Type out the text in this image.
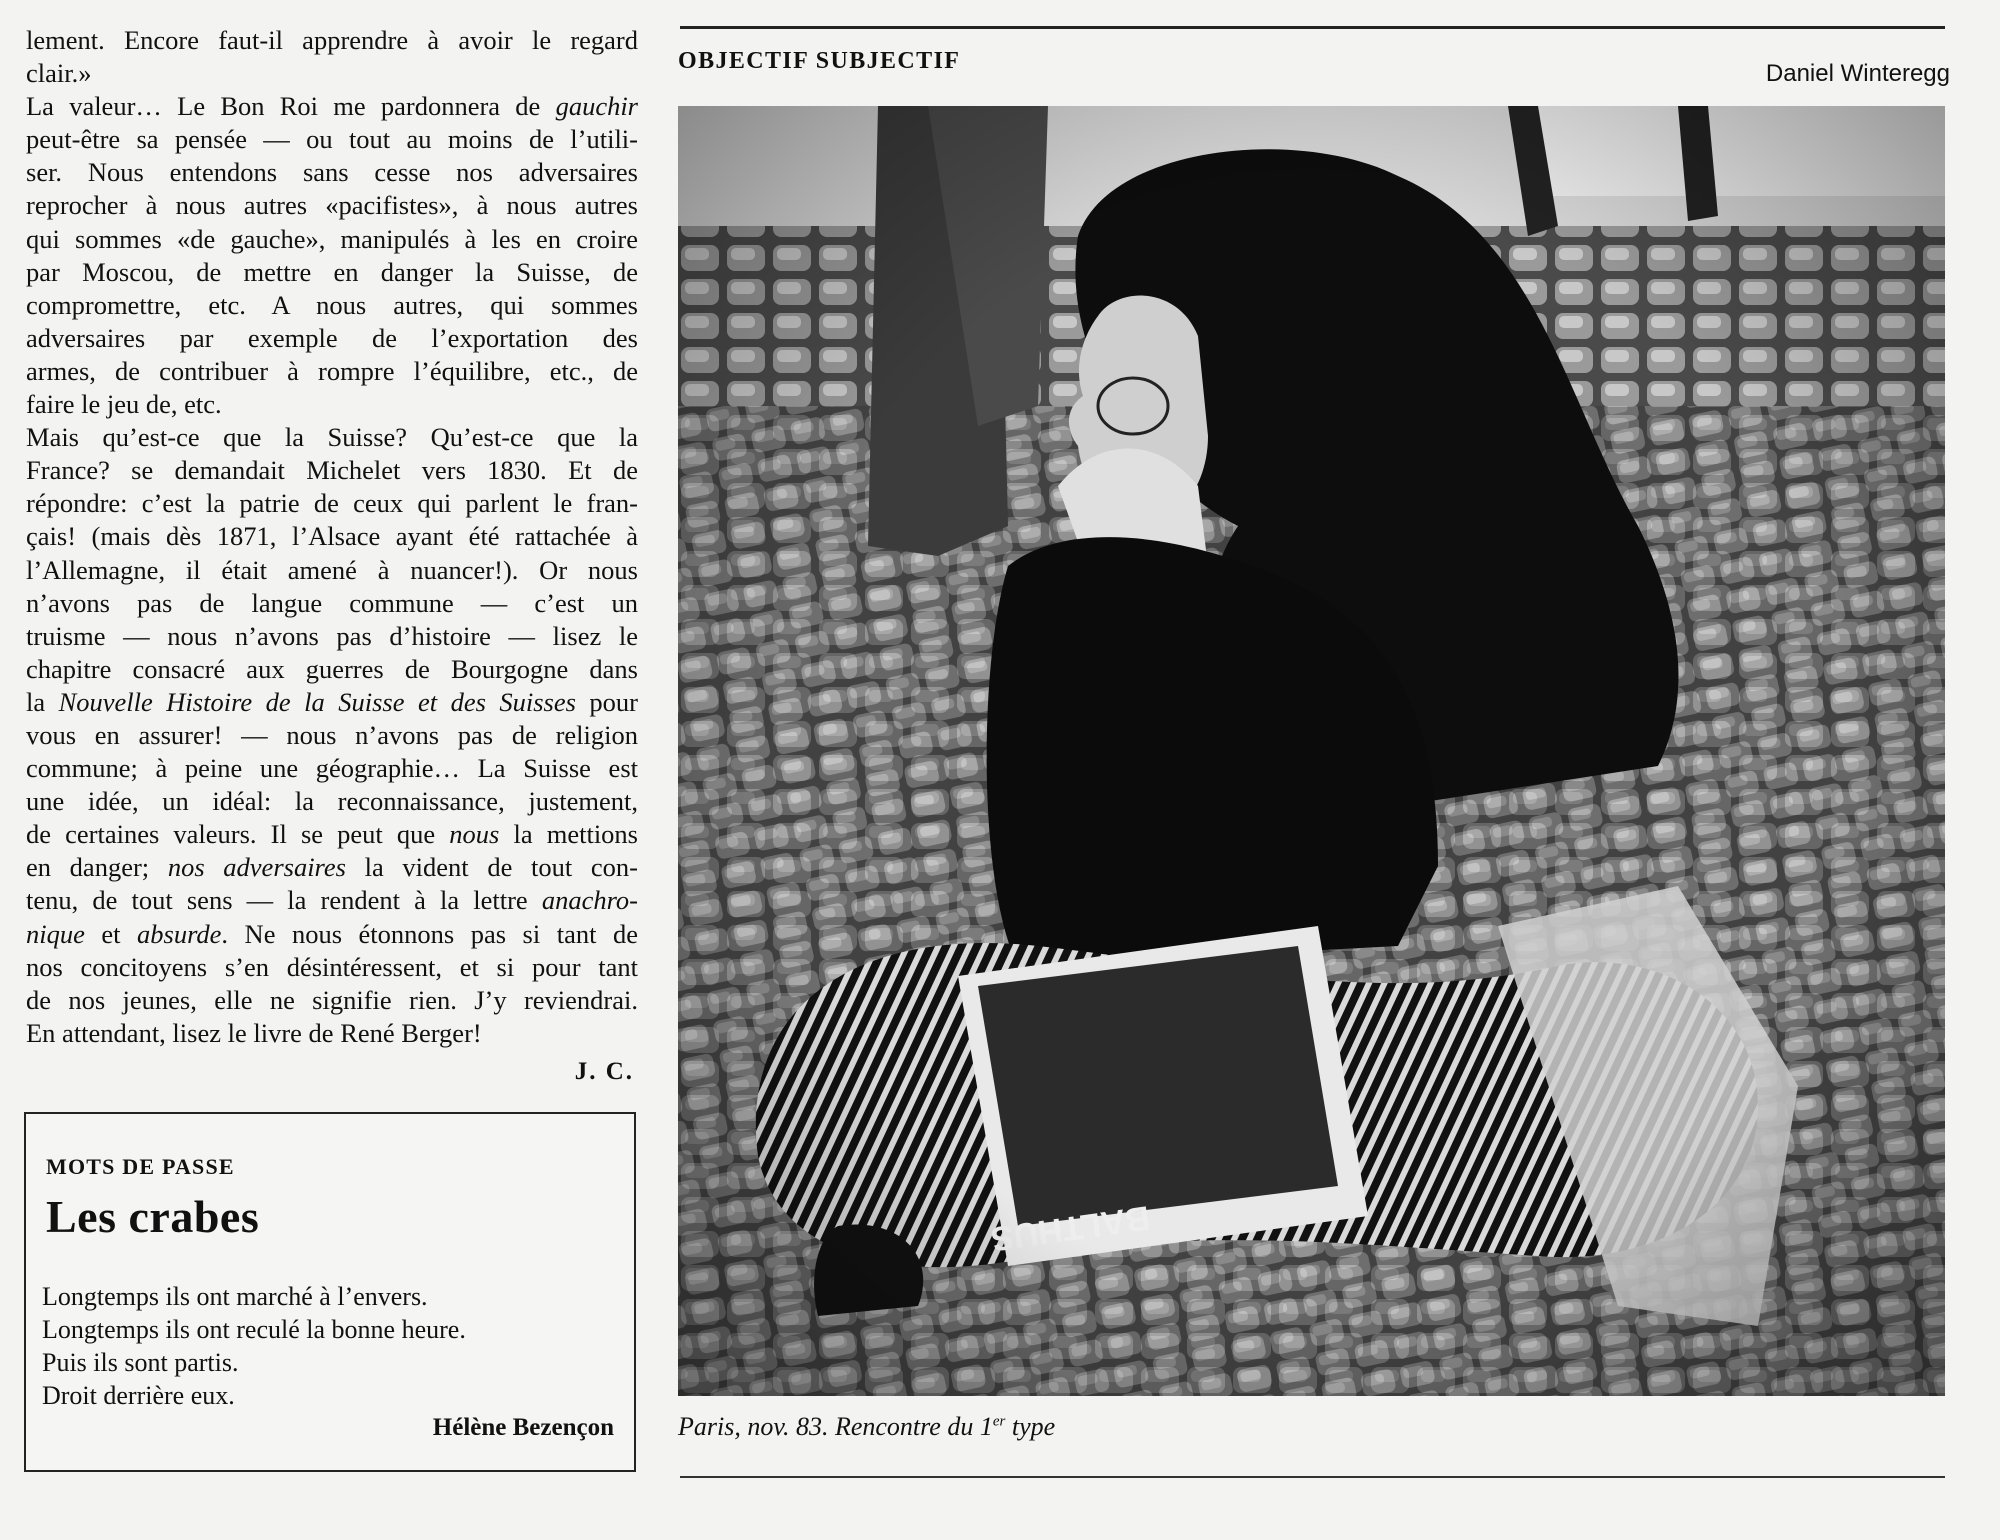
lement. Encore faut-il apprendre à avoir le regard
clair.»
La valeur… Le Bon Roi me pardonnera de gauchir
peut-être sa pensée — ou tout au moins de l’utili-
ser. Nous entendons sans cesse nos adversaires
reprocher à nous autres «pacifistes», à nous autres
qui sommes «de gauche», manipulés à les en croire
par Moscou, de mettre en danger la Suisse, de
compromettre, etc. A nous autres, qui sommes
adversaires par exemple de l’exportation des
armes, de contribuer à rompre l’équilibre, etc., de
faire le jeu de, etc.
Mais qu’est-ce que la Suisse? Qu’est-ce que la
France? se demandait Michelet vers 1830. Et de
répondre: c’est la patrie de ceux qui parlent le fran-
çais! (mais dès 1871, l’Alsace ayant été rattachée à
l’Allemagne, il était amené à nuancer!). Or nous
n’avons pas de langue commune — c’est un
truisme — nous n’avons pas d’histoire — lisez le
chapitre consacré aux guerres de Bourgogne dans
la Nouvelle Histoire de la Suisse et des Suisses pour
vous en assurer! — nous n’avons pas de religion
commune; à peine une géographie… La Suisse est
une idée, un idéal: la reconnaissance, justement,
de certaines valeurs. Il se peut que nous la mettions
en danger; nos adversaires la vident de tout con-
tenu, de tout sens — la rendent à la lettre anachro-
nique et absurde. Ne nous étonnons pas si tant de
nos concitoyens s’en désintéressent, et si pour tant
de nos jeunes, elle ne signifie rien. J’y reviendrai.
En attendant, lisez le livre de René Berger!
J. C.
MOTS DE PASSE
Les crabes
Longtemps ils ont marché à l’envers.
Longtemps ils ont reculé la bonne heure.
Puis ils sont partis.
Droit derrière eux.
Hélène Bezençon
OBJECTIF SUBJECTIF	Daniel Winteregg
Paris, nov. 83. Rencontre du 1er type
